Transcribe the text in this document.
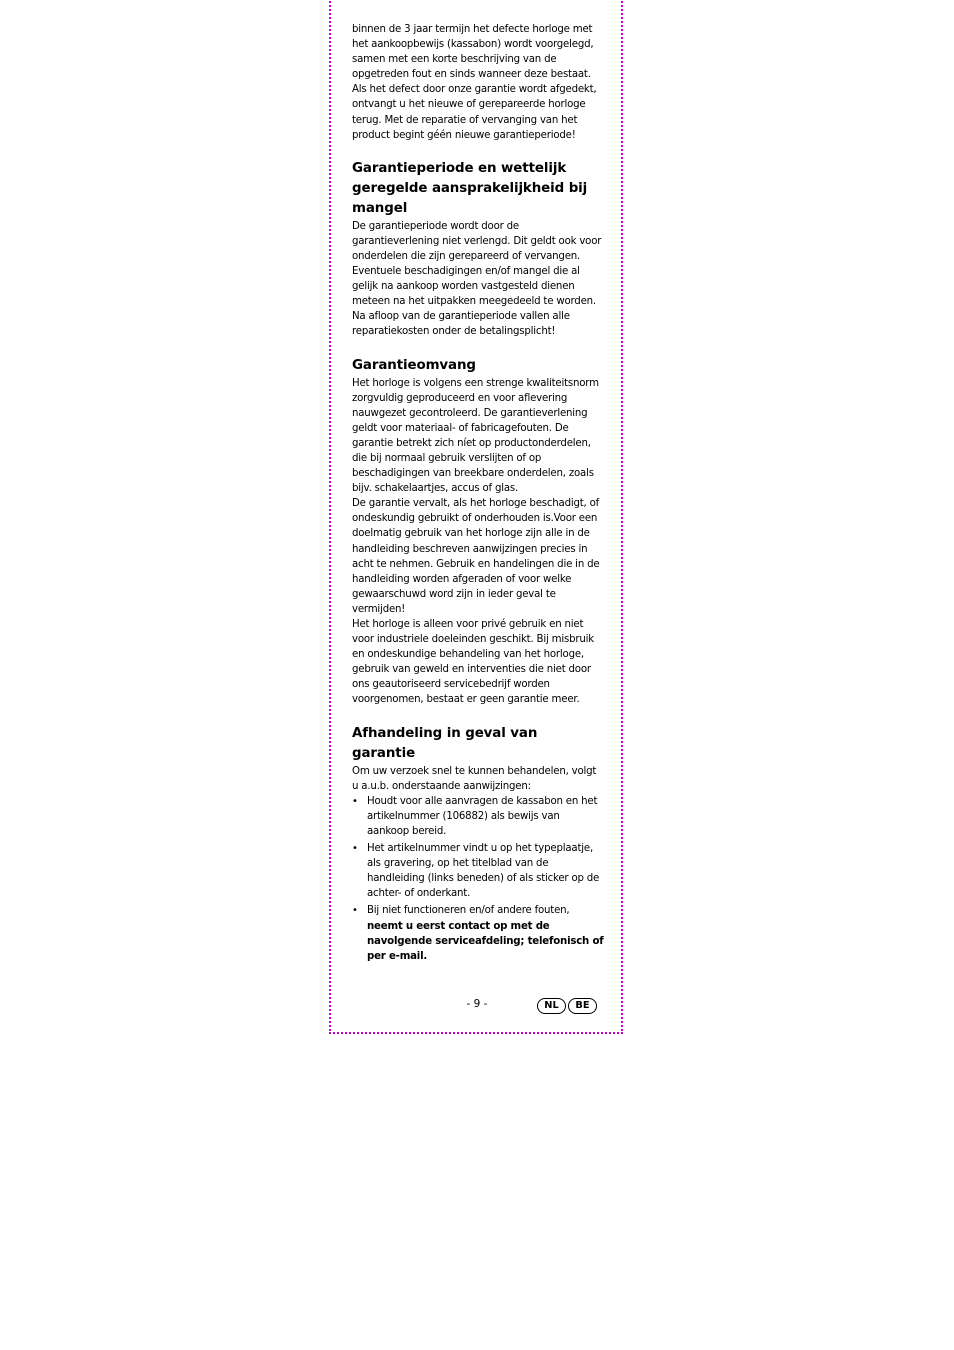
binnen de 3 jaar termijn het defecte horloge met het aankoopbewijs (kassabon) wordt voorgelegd, samen met een korte beschrijving van de opgetreden fout en sinds wanneer deze bestaat. Als het defect door onze garantie wordt afgedekt, ontvangt u het nieuwe of gerepareerde horloge terug. Met de reparatie of vervanging van het product begint géén nieuwe garantieperiode!

Garantieperiode en wettelijk geregelde aansprakelijkheid bij mangel

De garantieperiode wordt door de garantieverlening niet verlengd. Dit geldt ook voor onderdelen die zijn gerepareerd of vervangen. Eventuele beschadigingen en/of mangel die al gelijk na aankoop worden vastgesteld dienen meteen na het uitpakken meegedeeld te worden. Na afloop van de garantieperiode vallen alle reparatiekosten onder de betalingsplicht!

Garantieomvang

Het horloge is volgens een strenge kwaliteitsnorm zorgvuldig geproduceerd en voor aflevering nauwgezet gecontroleerd. De garantieverlening geldt voor materiaal- of fabricagefouten. De garantie betrekt zich níet op productonderdelen, die bij normaal gebruik verslijten of op beschadigingen van breekbare onderdelen, zoals bijv. schakelaartjes, accus of glas.

De garantie vervalt, als het horloge beschadigt, of ondeskundig gebruikt of onderhouden is.Voor een doelmatig gebruik van het horloge zijn alle in de handleiding beschreven aanwijzingen precies in acht te nehmen. Gebruik en handelingen die in de handleiding worden afgeraden of voor welke gewaarschuwd word zijn in ieder geval te vermijden!

Het horloge is alleen voor privé gebruik en niet voor industriele doeleinden geschikt. Bij misbruik en ondeskundige behandeling van het horloge, gebruik van geweld en interventies die niet door ons geautoriseerd servicebedrijf worden voorgenomen, bestaat er geen garantie meer.

Afhandeling in geval van garantie

Om uw verzoek snel te kunnen behandelen, volgt u a.u.b. onderstaande aanwijzingen:

• Houdt voor alle aanvragen de kassabon en het artikelnummer (106882) als bewijs van aankoop bereid.
• Het artikelnummer vindt u op het typeplaatje, als gravering, op het titelblad van de handleiding (links beneden) of als sticker op de achter- of onderkant.
• Bij niet functioneren en/of andere fouten, neemt u eerst contact op met de navolgende serviceafdeling; telefonisch of per e-mail.
- 9 -	NL	BE
